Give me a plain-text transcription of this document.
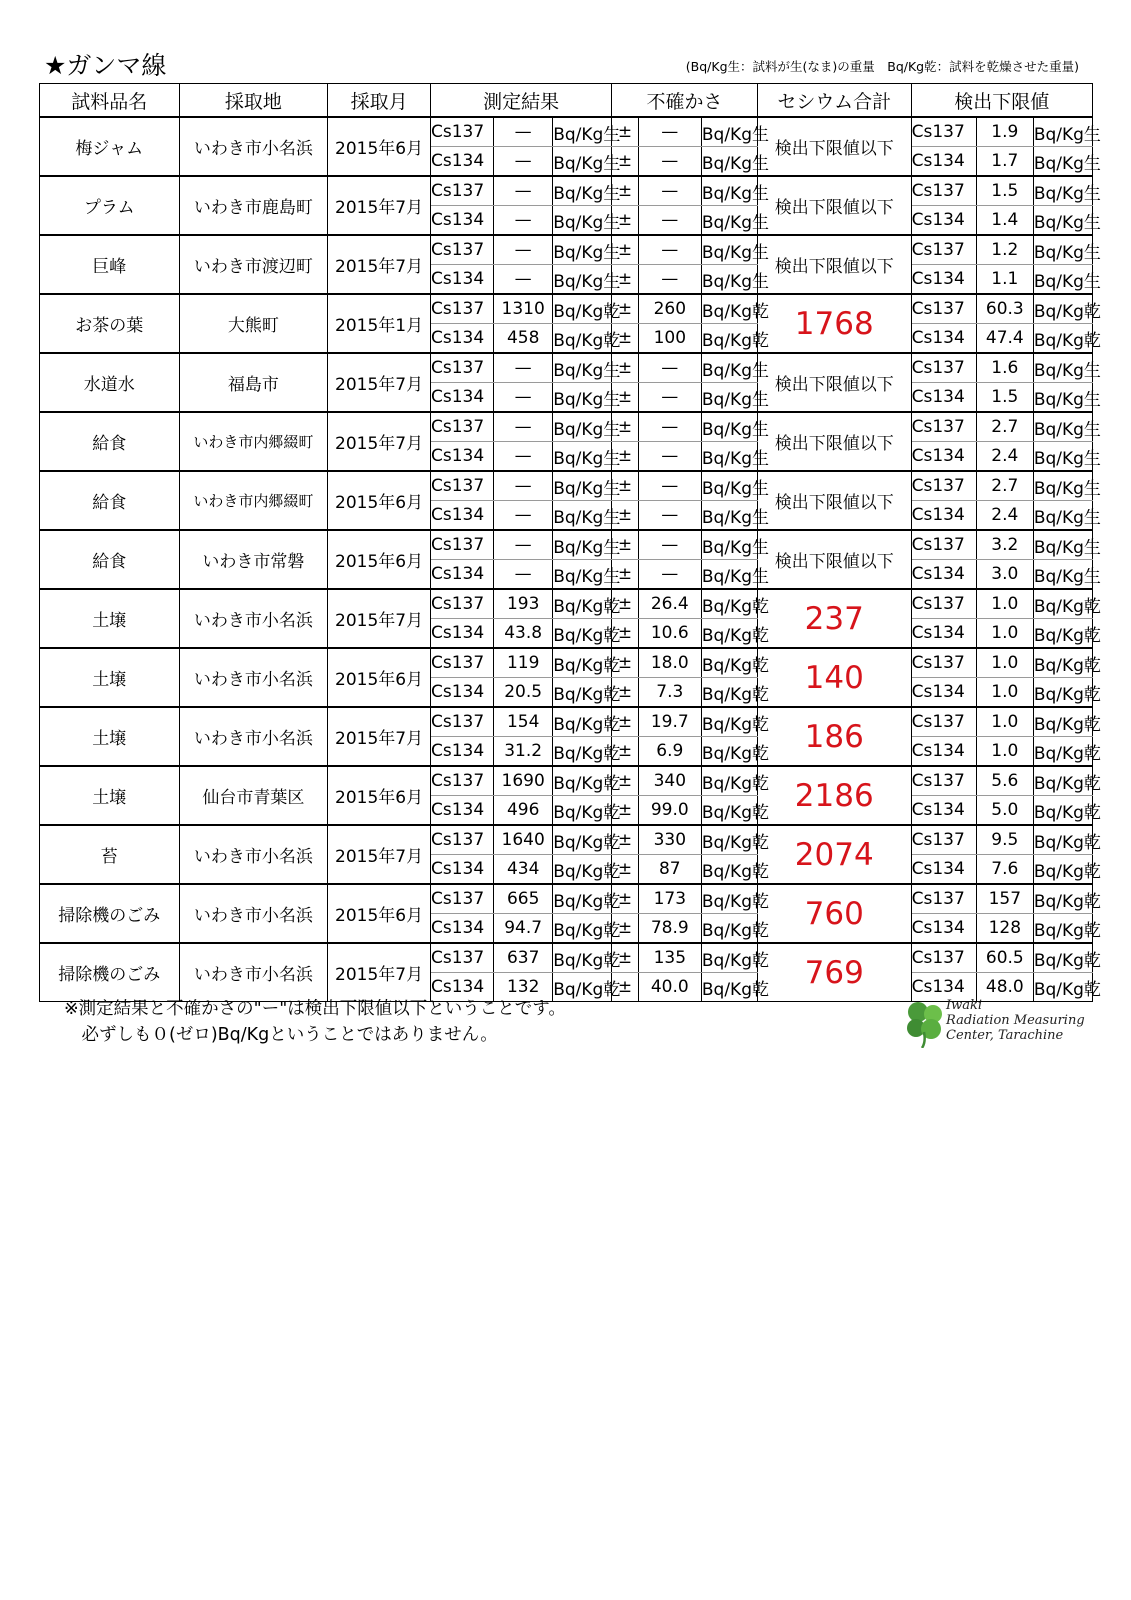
★ガンマ線	(Bq/Kg生：試料が生(なま)の重量　Bq/Kg乾：試料を乾燥させた重量)
試料品名	採取地	採取月	測定結果			不確かさ			セシウム合計	検出下限値		
梅ジャム	いわき市小名浜	2015年6月	Cs137	—	Bq/Kg生	±	—	Bq/Kg生	検出下限値以下	Cs137	1.9	Bq/Kg生
			Cs134	—	Bq/Kg生	±	—	Bq/Kg生		Cs134	1.7	Bq/Kg生
プラム	いわき市鹿島町	2015年7月	Cs137	—	Bq/Kg生	±	—	Bq/Kg生	検出下限値以下	Cs137	1.5	Bq/Kg生
			Cs134	—	Bq/Kg生	±	—	Bq/Kg生		Cs134	1.4	Bq/Kg生
巨峰	いわき市渡辺町	2015年7月	Cs137	—	Bq/Kg生	±	—	Bq/Kg生	検出下限値以下	Cs137	1.2	Bq/Kg生
			Cs134	—	Bq/Kg生	±	—	Bq/Kg生		Cs134	1.1	Bq/Kg生
お茶の葉	大熊町	2015年1月	Cs137	1310	Bq/Kg乾	±	260	Bq/Kg乾	1768	Cs137	60.3	Bq/Kg乾
			Cs134	458	Bq/Kg乾	±	100	Bq/Kg乾		Cs134	47.4	Bq/Kg乾
水道水	福島市	2015年7月	Cs137	—	Bq/Kg生	±	—	Bq/Kg生	検出下限値以下	Cs137	1.6	Bq/Kg生
			Cs134	—	Bq/Kg生	±	—	Bq/Kg生		Cs134	1.5	Bq/Kg生
給食	いわき市内郷綴町	2015年7月	Cs137	—	Bq/Kg生	±	—	Bq/Kg生	検出下限値以下	Cs137	2.7	Bq/Kg生
			Cs134	—	Bq/Kg生	±	—	Bq/Kg生		Cs134	2.4	Bq/Kg生
給食	いわき市内郷綴町	2015年6月	Cs137	—	Bq/Kg生	±	—	Bq/Kg生	検出下限値以下	Cs137	2.7	Bq/Kg生
			Cs134	—	Bq/Kg生	±	—	Bq/Kg生		Cs134	2.4	Bq/Kg生
給食	いわき市常磐	2015年6月	Cs137	—	Bq/Kg生	±	—	Bq/Kg生	検出下限値以下	Cs137	3.2	Bq/Kg生
			Cs134	—	Bq/Kg生	±	—	Bq/Kg生		Cs134	3.0	Bq/Kg生
土壌	いわき市小名浜	2015年7月	Cs137	193	Bq/Kg乾	±	26.4	Bq/Kg乾	237	Cs137	1.0	Bq/Kg乾
			Cs134	43.8	Bq/Kg乾	±	10.6	Bq/Kg乾		Cs134	1.0	Bq/Kg乾
土壌	いわき市小名浜	2015年6月	Cs137	119	Bq/Kg乾	±	18.0	Bq/Kg乾	140	Cs137	1.0	Bq/Kg乾
			Cs134	20.5	Bq/Kg乾	±	7.3	Bq/Kg乾		Cs134	1.0	Bq/Kg乾
土壌	いわき市小名浜	2015年7月	Cs137	154	Bq/Kg乾	±	19.7	Bq/Kg乾	186	Cs137	1.0	Bq/Kg乾
			Cs134	31.2	Bq/Kg乾	±	6.9	Bq/Kg乾		Cs134	1.0	Bq/Kg乾
土壌	仙台市青葉区	2015年6月	Cs137	1690	Bq/Kg乾	±	340	Bq/Kg乾	2186	Cs137	5.6	Bq/Kg乾
			Cs134	496	Bq/Kg乾	±	99.0	Bq/Kg乾		Cs134	5.0	Bq/Kg乾
苔	いわき市小名浜	2015年7月	Cs137	1640	Bq/Kg乾	±	330	Bq/Kg乾	2074	Cs137	9.5	Bq/Kg乾
			Cs134	434	Bq/Kg乾	±	87	Bq/Kg乾		Cs134	7.6	Bq/Kg乾
掃除機のごみ	いわき市小名浜	2015年6月	Cs137	665	Bq/Kg乾	±	173	Bq/Kg乾	760	Cs137	157	Bq/Kg乾
			Cs134	94.7	Bq/Kg乾	±	78.9	Bq/Kg乾		Cs134	128	Bq/Kg乾
掃除機のごみ	いわき市小名浜	2015年7月	Cs137	637	Bq/Kg乾	±	135	Bq/Kg乾	769	Cs137	60.5	Bq/Kg乾
			Cs134	132	Bq/Kg乾	±	40.0	Bq/Kg乾		Cs134	48.0	Bq/Kg乾
※測定結果と不確かさの"ー"は検出下限値以下ということです。
　必ずしも０(ゼロ)Bq/Kgということではありません。
Iwaki
Radiation Measuring
Center, Tarachine
